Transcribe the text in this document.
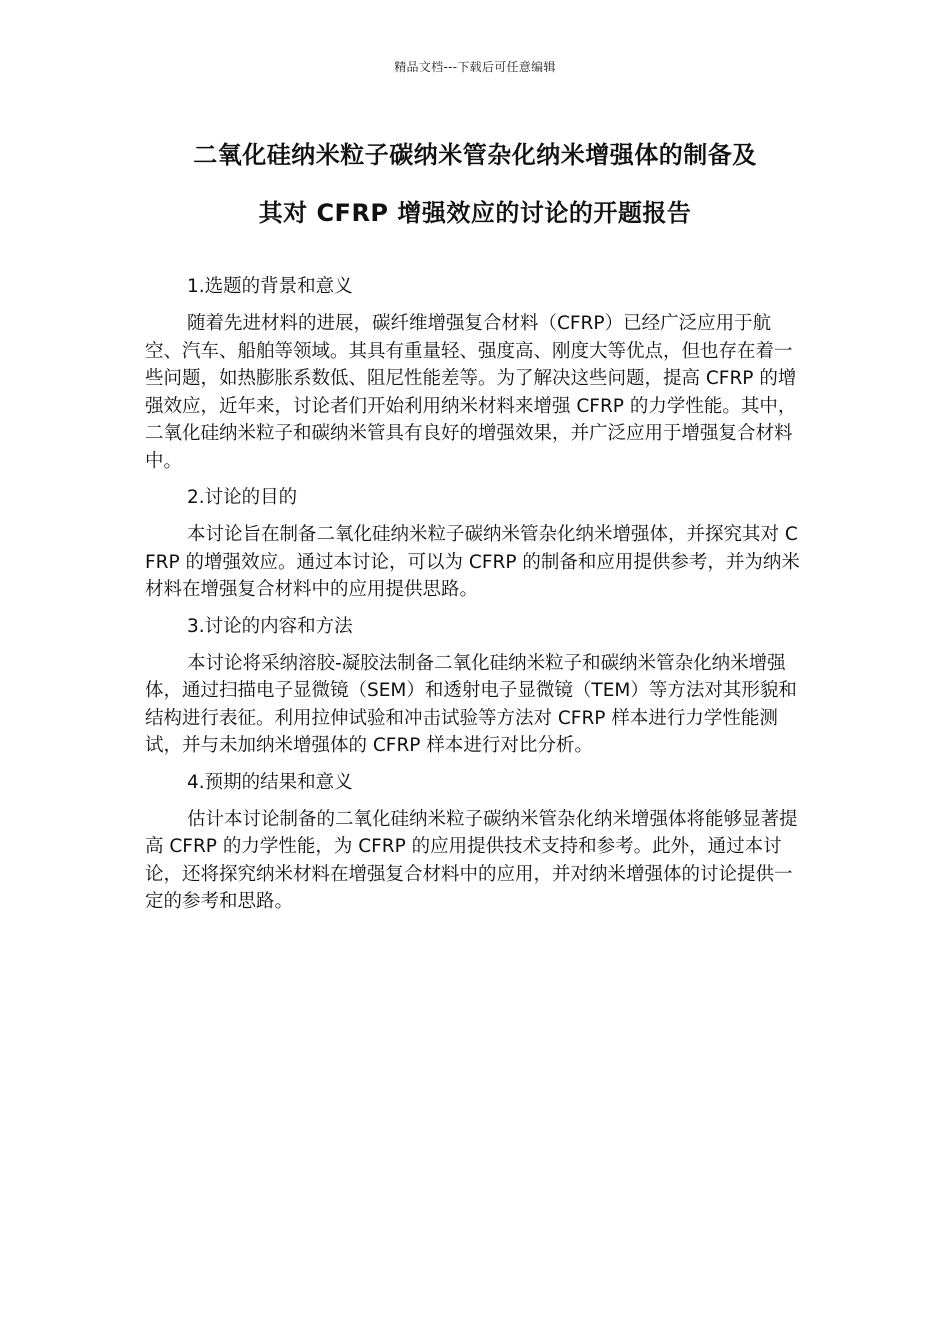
精品文档---下载后可任意编辑
二氧化硅纳米粒子碳纳米管杂化纳米增强体的制备及
其对 CFRP 增强效应的讨论的开题报告
1.选题的背景和意义

随着先进材料的进展，碳纤维增强复合材料（CFRP）已经广泛应用于航空、汽车、船舶等领域。其具有重量轻、强度高、刚度大等优点，但也存在着一些问题，如热膨胀系数低、阻尼性能差等。为了解决这些问题，提高 CFRP 的增强效应，近年来，讨论者们开始利用纳米材料来增强 CFRP 的力学性能。其中，二氧化硅纳米粒子和碳纳米管具有良好的增强效果，并广泛应用于增强复合材料中。

2.讨论的目的

本讨论旨在制备二氧化硅纳米粒子碳纳米管杂化纳米增强体，并探究其对 CFRP 的增强效应。通过本讨论，可以为 CFRP 的制备和应用提供参考，并为纳米材料在增强复合材料中的应用提供思路。

3.讨论的内容和方法

本讨论将采纳溶胶-凝胶法制备二氧化硅纳米粒子和碳纳米管杂化纳米增强体，通过扫描电子显微镜（SEM）和透射电子显微镜（TEM）等方法对其形貌和结构进行表征。利用拉伸试验和冲击试验等方法对 CFRP 样本进行力学性能测试，并与未加纳米增强体的 CFRP 样本进行对比分析。

4.预期的结果和意义

估计本讨论制备的二氧化硅纳米粒子碳纳米管杂化纳米增强体将能够显著提高 CFRP 的力学性能，为 CFRP 的应用提供技术支持和参考。此外，通过本讨论，还将探究纳米材料在增强复合材料中的应用，并对纳米增强体的讨论提供一定的参考和思路。
